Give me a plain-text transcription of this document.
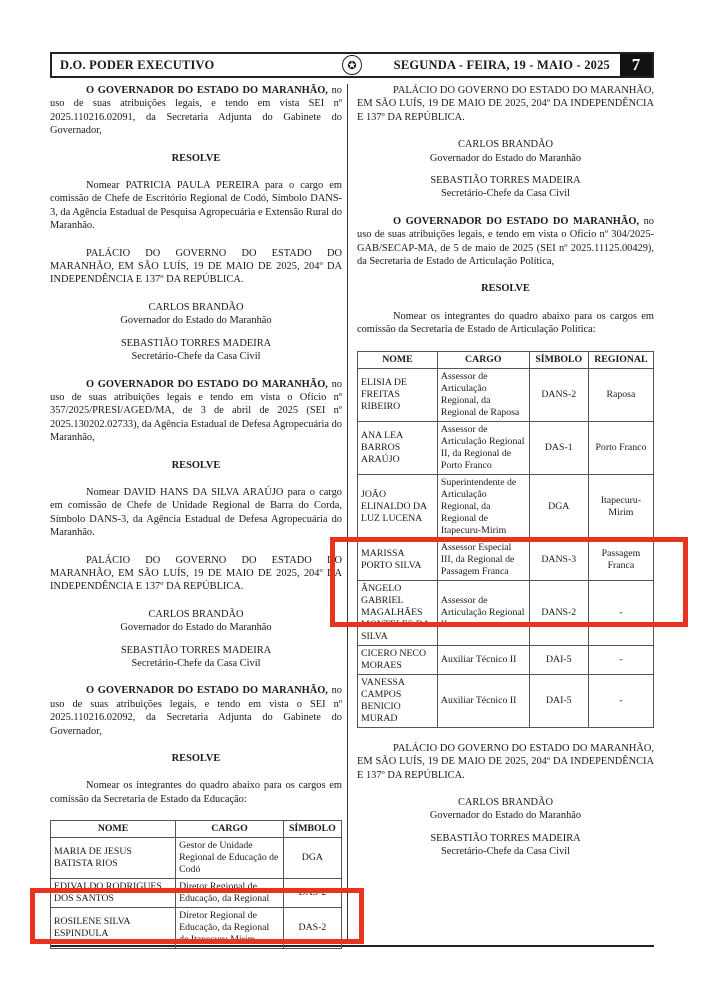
D.O. PODER EXECUTIVO	SEGUNDA - FEIRA, 19 - MAIO - 2025	7
✪

O GOVERNADOR DO ESTADO DO MARANHÃO, no uso de suas atribuições legais, e tendo em vista SEI nº 2025.110216.02091, da Secretaria Adjunta do Gabinete do Governador,

RESOLVE

Nomear PATRICIA PAULA PEREIRA para o cargo em comissão de Chefe de Escritório Regional de Codó, Símbolo DANS-3, da Agência Estadual de Pesquisa Agropecuária e Extensão Rural do Maranhão.

PALÁCIO DO GOVERNO DO ESTADO DO MARANHÃO, EM SÃO LUÍS, 19 DE MAIO DE 2025, 204º DA INDEPENDÊNCIA E 137º DA REPÚBLICA.

CARLOS BRANDÃO

Governador do Estado do Maranhão

SEBASTIÃO TORRES MADEIRA

Secretário-Chefe da Casa Civil

O GOVERNADOR DO ESTADO DO MARANHÃO, no uso de suas atribuições legais e tendo em vista o Ofício nº 357/2025/PRESI/AGED/MA, de 3 de abril de 2025 (SEI nº 2025.130202.02733), da Agência Estadual de Defesa Agropecuária do Maranhão,

RESOLVE

Nomear DAVID HANS DA SILVA ARAÚJO para o cargo em comissão de Chefe de Unidade Regional de Barra do Corda, Símbolo DANS-3, da Agência Estadual de Defesa Agropecuária do Maranhão.

PALÁCIO DO GOVERNO DO ESTADO DO MARANHÃO, EM SÃO LUÍS, 19 DE MAIO DE 2025, 204º DA INDEPENDÊNCIA E 137º DA REPÚBLICA.

CARLOS BRANDÃO

Governador do Estado do Maranhão

SEBASTIÃO TORRES MADEIRA

Secretário-Chefe da Casa Civil

O GOVERNADOR DO ESTADO DO MARANHÃO, no uso de suas atribuições legais, e tendo em vista o SEI nº 2025.110216.02092, da Secretaria Adjunta do Gabinete do Governador,

RESOLVE

Nomear os integrantes do quadro abaixo para os cargos em comissão da Secretaria de Estado da Educação:

NOME	CARGO	SÍMBOLO
MARIA DE JESUS BATISTA RIOS	Gestor de Unidade Regional de Educação de Codó	DGA
EDIVALDO RODRIGUES DOS SANTOS	Diretor Regional de Educação, da Regional	DAS-2
ROSILENE SILVA ESPINDULA	Diretor Regional de Educação, da Regional de Itapecuru Mirim	DAS-2

PALÁCIO DO GOVERNO DO ESTADO DO MARANHÃO, EM SÃO LUÍS, 19 DE MAIO DE 2025, 204º DA INDEPENDÊNCIA E 137º DA REPÚBLICA.

CARLOS BRANDÃO

Governador do Estado do Maranhão

SEBASTIÃO TORRES MADEIRA

Secretário-Chefe da Casa Civil

O GOVERNADOR DO ESTADO DO MARANHÃO, no uso de suas atribuições legais, e tendo em vista o Ofício nº 304/2025-GAB/SECAP-MA, de 5 de maio de 2025 (SEI nº 2025.11125.00429), da Secretaria de Estado de Articulação Política,

RESOLVE

Nomear os integrantes do quadro abaixo para os cargos em comissão da Secretaria de Estado de Articulação Política:

NOME	CARGO	SÍMBOLO	REGIONAL
ELISIA DE FREITAS RIBEIRO	Assessor de Articulação Regional, da Regional de Raposa	DANS-2	Raposa
ANA LEA BARROS ARAÚJO	Assessor de Articulação Regional II, da Regional de Porto Franco	DAS-1	Porto Franco
JOÃO ELINALDO DA LUZ LUCENA	Superintendente de Articulação Regional, da Regional de Itapecuru-Mirim	DGA	Itapecuru-Mirim
MARISSA PORTO SILVA	Assessor Especial III, da Regional de Passagem Franca	DANS-3	Passagem Franca
ÂNGELO GABRIEL MAGALHÃES MONTELES DA SILVA	Assessor de Articulação Regional II	DANS-2	-
CICERO NECO MORAES	Auxiliar Técnico II	DAI-5	-
VANESSA CAMPOS BENICIO MURAD	Auxiliar Técnico II	DAI-5	-

PALÁCIO DO GOVERNO DO ESTADO DO MARANHÃO, EM SÃO LUÍS, 19 DE MAIO DE 2025, 204º DA INDEPENDÊNCIA E 137º DA REPÚBLICA.

CARLOS BRANDÃO

Governador do Estado do Maranhão

SEBASTIÃO TORRES MADEIRA

Secretário-Chefe da Casa Civil
